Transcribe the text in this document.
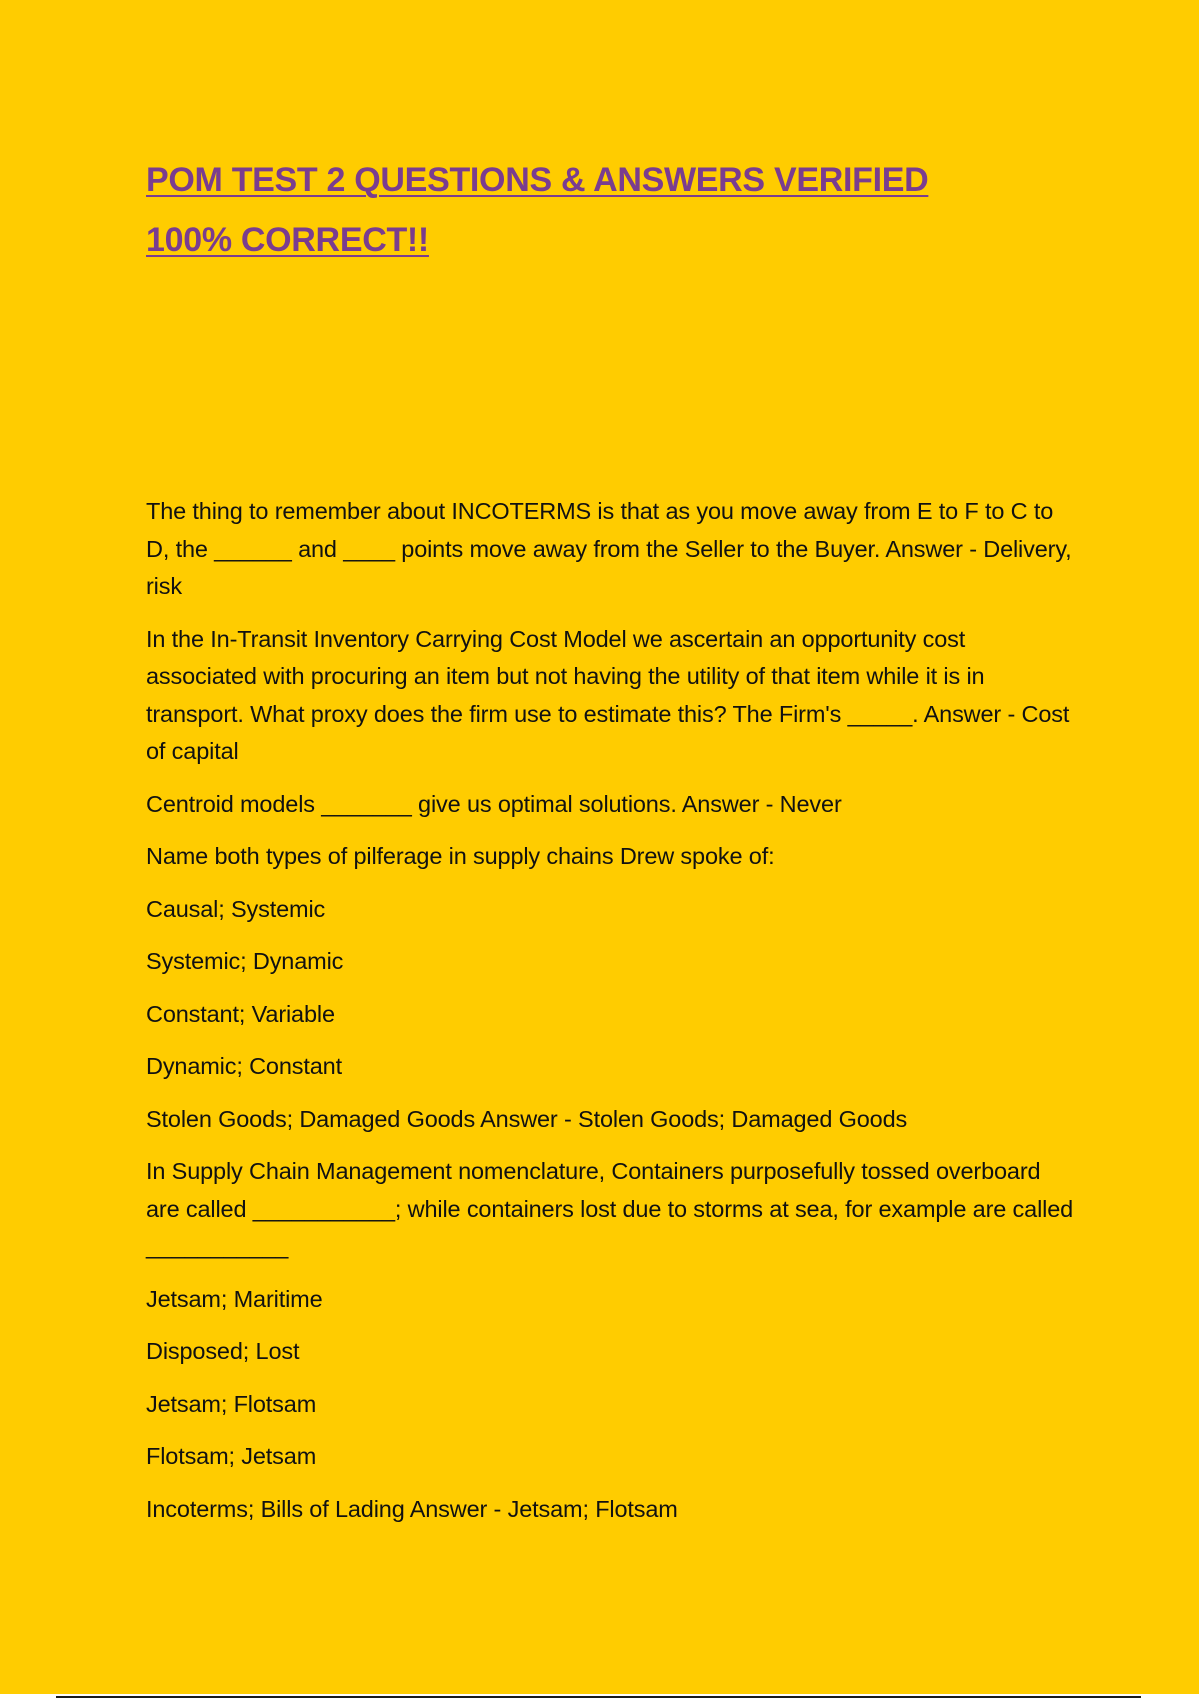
POM TEST 2 QUESTIONS & ANSWERS VERIFIED
100% CORRECT!!

The thing to remember about INCOTERMS is that as you move away from E to F to C to D, the ______ and ____ points move away from the Seller to the Buyer. Answer - Delivery, risk

In the In-Transit Inventory Carrying Cost Model we ascertain an opportunity cost associated with procuring an item but not having the utility of that item while it is in transport. What proxy does the firm use to estimate this? The Firm's _____. Answer - Cost of capital

Centroid models _______ give us optimal solutions. Answer - Never

Name both types of pilferage in supply chains Drew spoke of:

Causal; Systemic

Systemic; Dynamic

Constant; Variable

Dynamic; Constant

Stolen Goods; Damaged Goods Answer - Stolen Goods; Damaged Goods

In Supply Chain Management nomenclature, Containers purposefully tossed overboard are called ___________; while containers lost due to storms at sea, for example are called ___________

Jetsam; Maritime

Disposed; Lost

Jetsam; Flotsam

Flotsam; Jetsam

Incoterms; Bills of Lading Answer - Jetsam; Flotsam
